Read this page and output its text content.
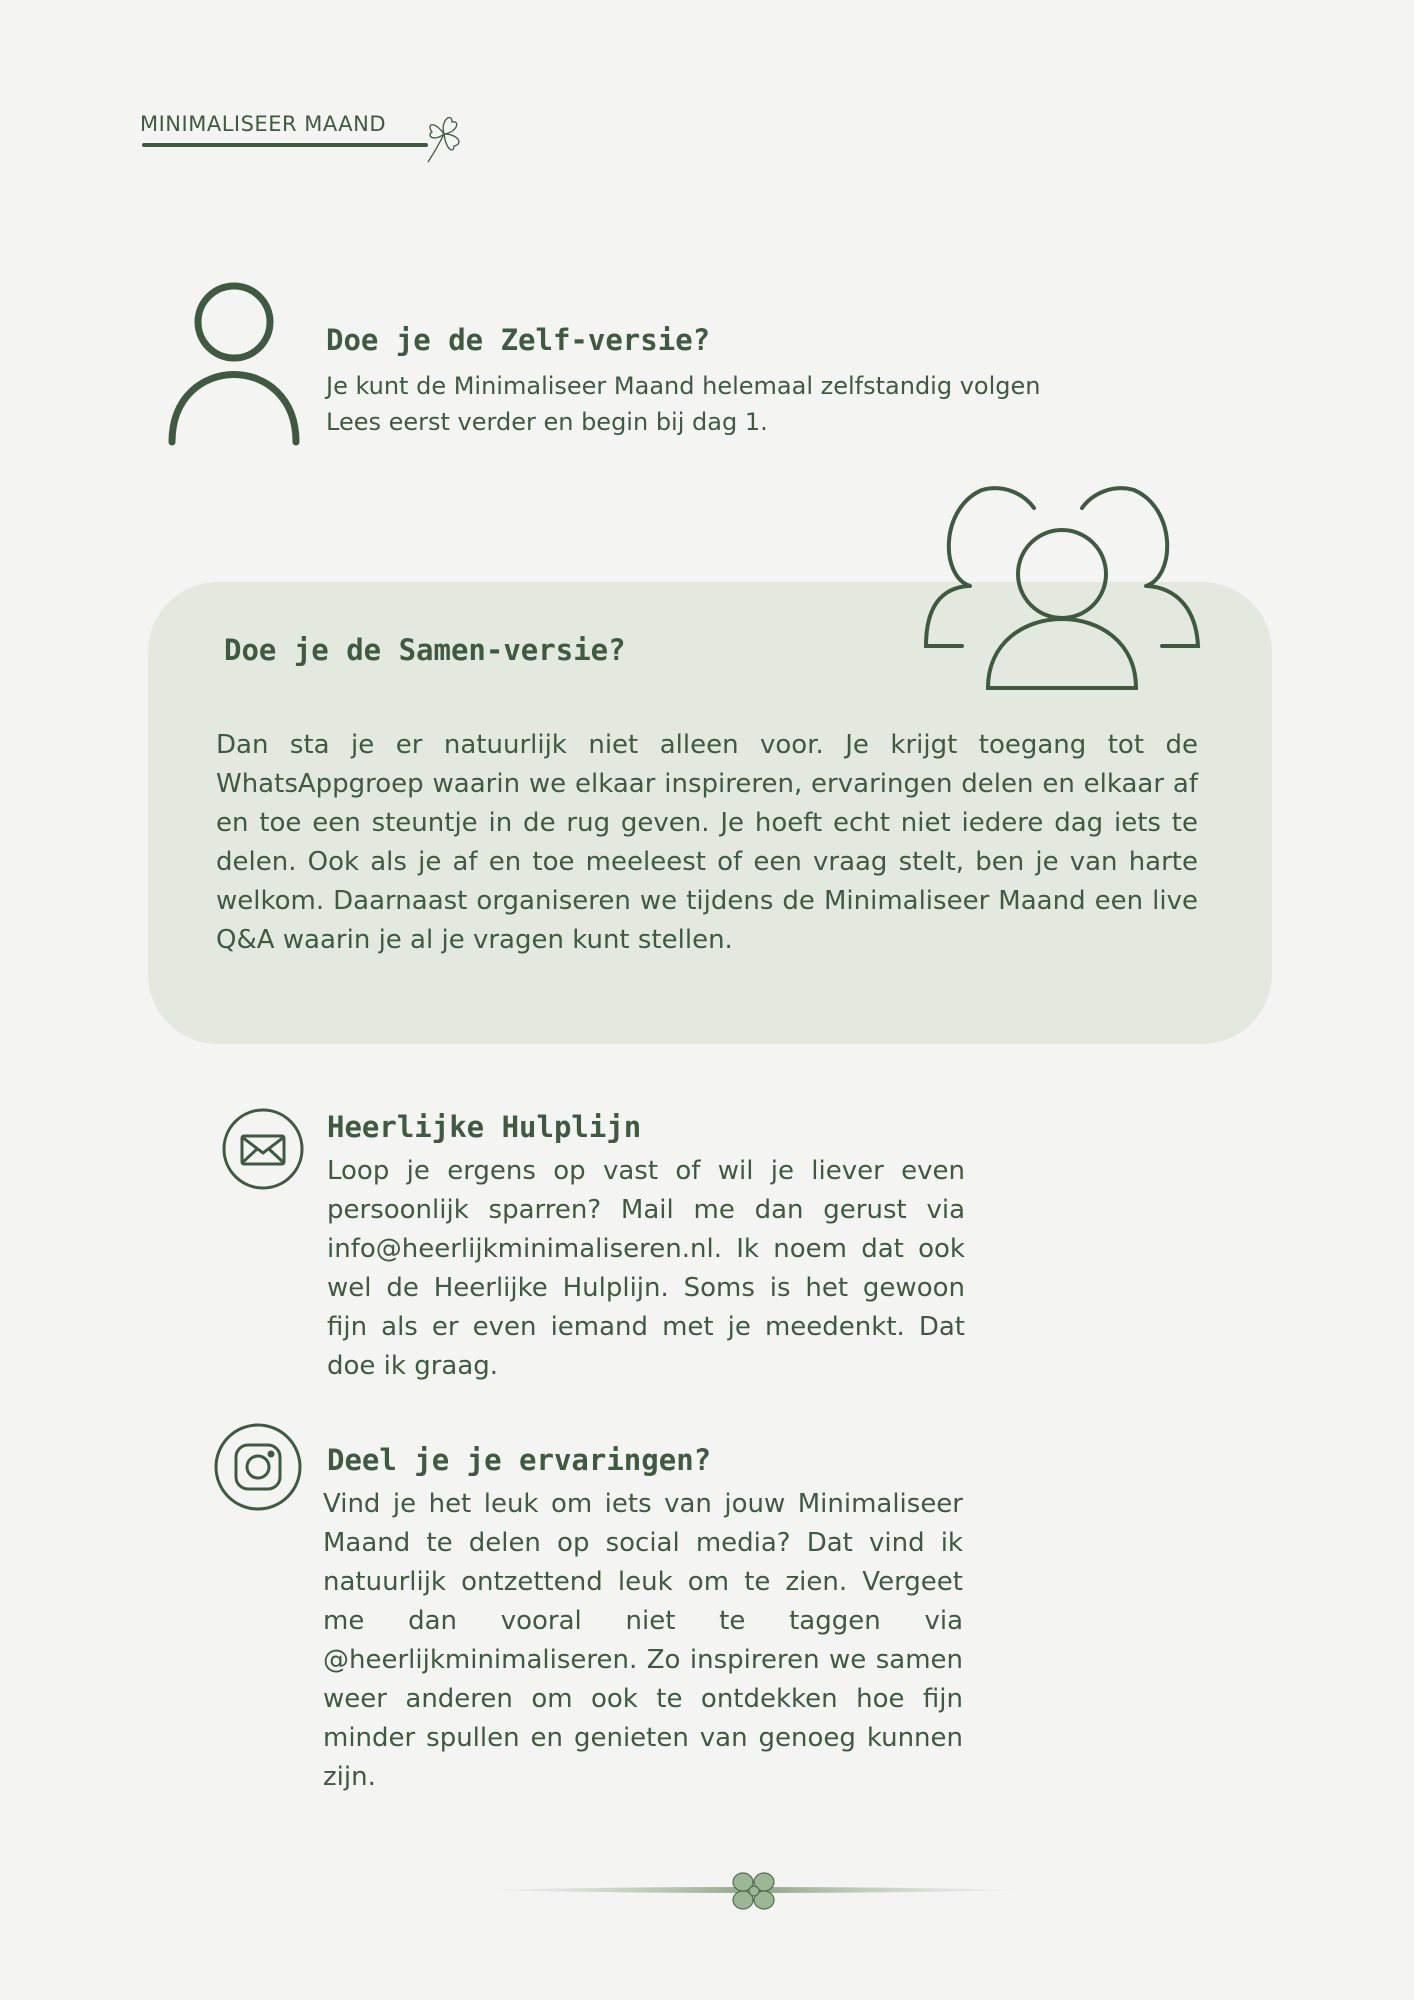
MINIMALISEER MAAND
Doe je de Zelf-versie?
Je kunt de Minimaliseer Maand helemaal zelfstandig volgen Lees eerst verder en begin bij dag 1.
Doe je de Samen-versie?
Dan sta je er natuurlijk niet alleen voor. Je krijgt toegang tot de WhatsAppgroep waarin we elkaar inspireren, ervaringen delen en elkaar af en toe een steuntje in de rug geven. Je hoeft echt niet iedere dag iets te delen. Ook als je af en toe meeleest of een vraag stelt, ben je van harte welkom. Daarnaast organiseren we tijdens de Minimaliseer Maand een live Q&A waarin je al je vragen kunt stellen.
Heerlijke Hulplijn
Loop je ergens op vast of wil je liever even persoonlijk sparren? Mail me dan gerust via info@heerlijkminimaliseren.nl. Ik noem dat ook wel de Heerlijke Hulplijn. Soms is het gewoon fijn als er even iemand met je meedenkt. Dat doe ik graag.
Deel je je ervaringen?
Vind je het leuk om iets van jouw Minimaliseer Maand te delen op social media? Dat vind ik natuurlijk ontzettend leuk om te zien. Vergeet me dan vooral niet te taggen via @heerlijkminimaliseren. Zo inspireren we samen weer anderen om ook te ontdekken hoe fijn minder spullen en genieten van genoeg kunnen zijn.
